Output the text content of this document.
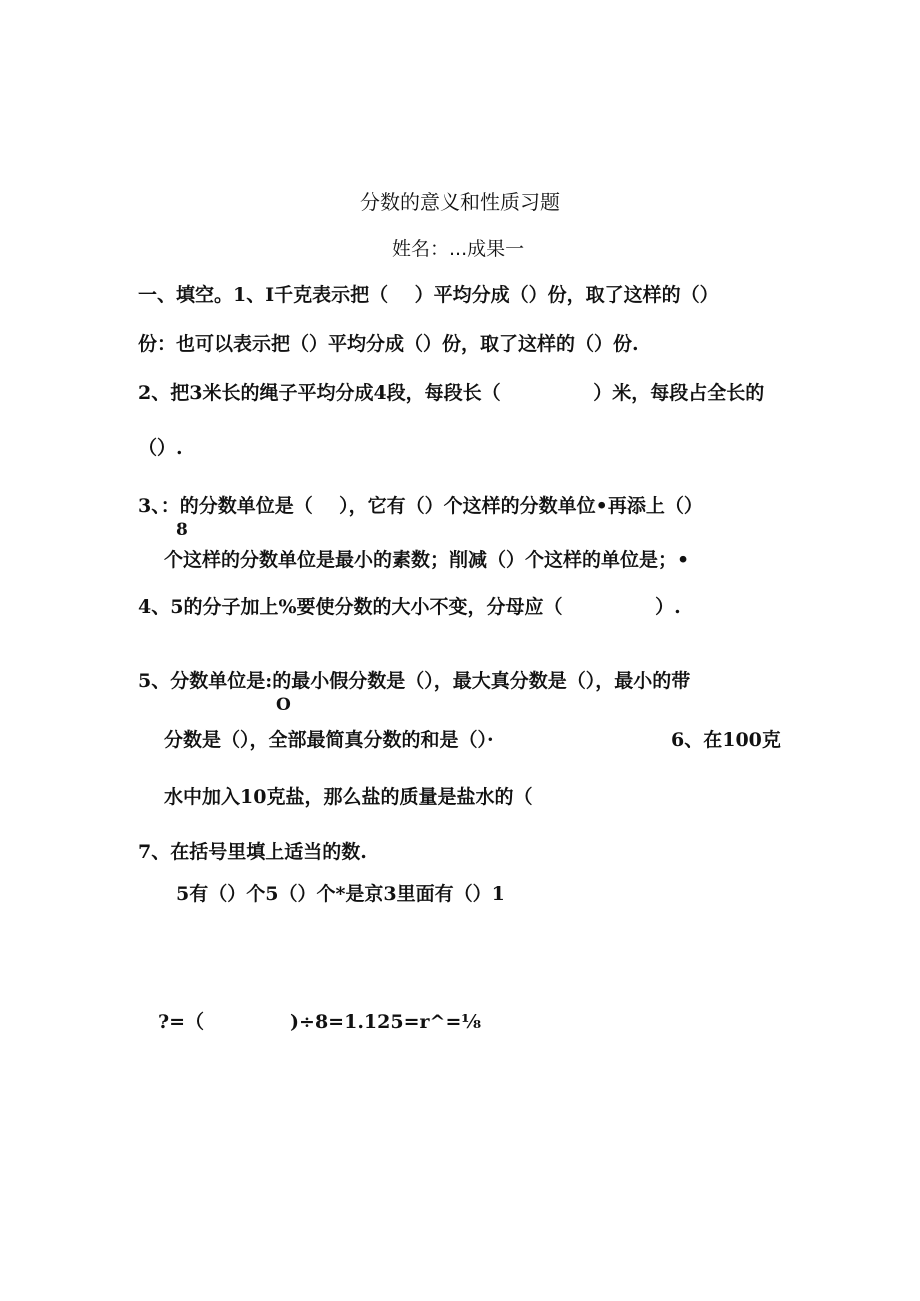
分数的意义和性质习题
姓名：...成果一
一、填空。1、I千克表示把（    ）平均分成（）份，取了这样的（）
份：也可以表示把（）平均分成（）份，取了这样的（）份.
2、把3米长的绳子平均分成4段，每段长（              ）米，每段占全长的
（）.
3、：的分数单位是（    ），它有（）个这样的分数单位•再添上（）
8
个这样的分数单位是最小的素数；削减（）个这样的单位是；•
4、5的分子加上%要使分数的大小不变，分母应（              ）.
5、分数单位是:的最小假分数是（），最大真分数是（），最小的带
O
分数是（），全部最简真分数的和是（）·	6、在100克
水中加入10克盐，那么盐的质量是盐水的（
7、在括号里填上适当的数.
5有（）个5（）个*是京3里面有（）1
?=（             )÷8=1.125=r^=⅛
